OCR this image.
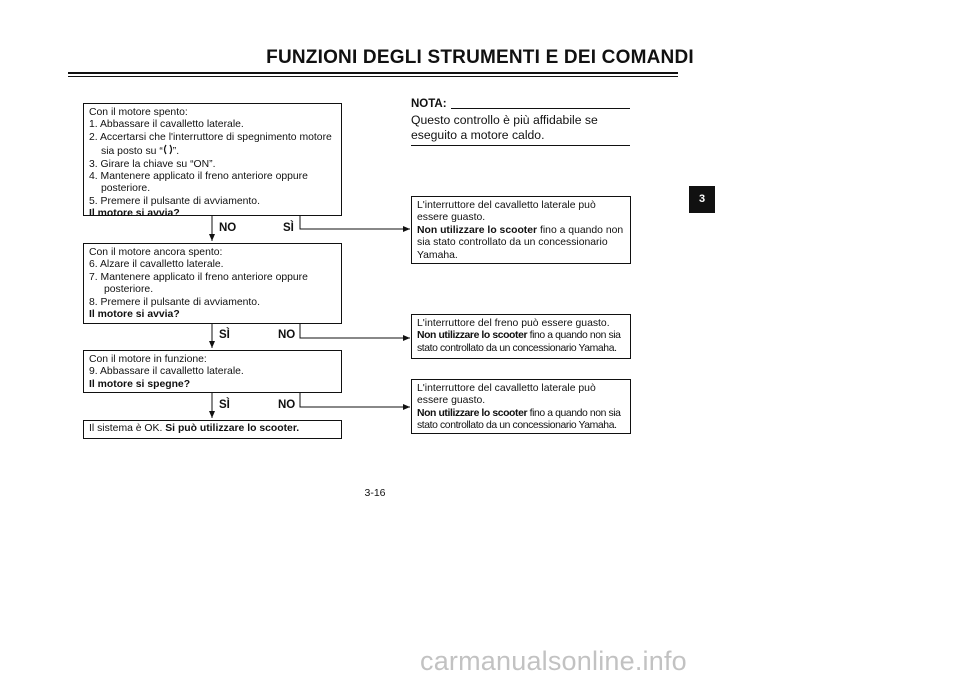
FUNZIONI DEGLI STRUMENTI E DEI COMANDI
Con il motore spento:
1. Abbassare il cavalletto laterale.
2. Accertarsi che l'interruttore di spegnimento motore
sia posto su “ ”.
3. Girare la chiave su “ON”.
4. Mantenere applicato il freno anteriore oppure
posteriore.
5. Premere il pulsante di avviamento.
Il motore si avvia?
NO	SÌ
Con il motore ancora spento:
6. Alzare il cavalletto laterale.
7. Mantenere applicato il freno anteriore oppure
posteriore.
8. Premere il pulsante di avviamento.
Il motore si avvia?
SÌ	NO
Con il motore in funzione:
9. Abbassare il cavalletto laterale.
Il motore si spegne?
SÌ	NO
Il sistema è OK. Si può utilizzare lo scooter.
NOTA:
Questo controllo è più affidabile se eseguito a motore caldo.
L'interruttore del cavalletto laterale può
essere guasto.
Non utilizzare lo scooter fino a quando non
sia stato controllato da un concessionario
Yamaha.
L'interruttore del freno può essere guasto.
Non utilizzare lo scooter fino a quando non sia
stato controllato da un concessionario Yamaha.
L'interruttore del cavalletto laterale può
essere guasto.
Non utilizzare lo scooter fino a quando non sia
stato controllato da un concessionario Yamaha.
3
3-16
carmanualsonline.info
